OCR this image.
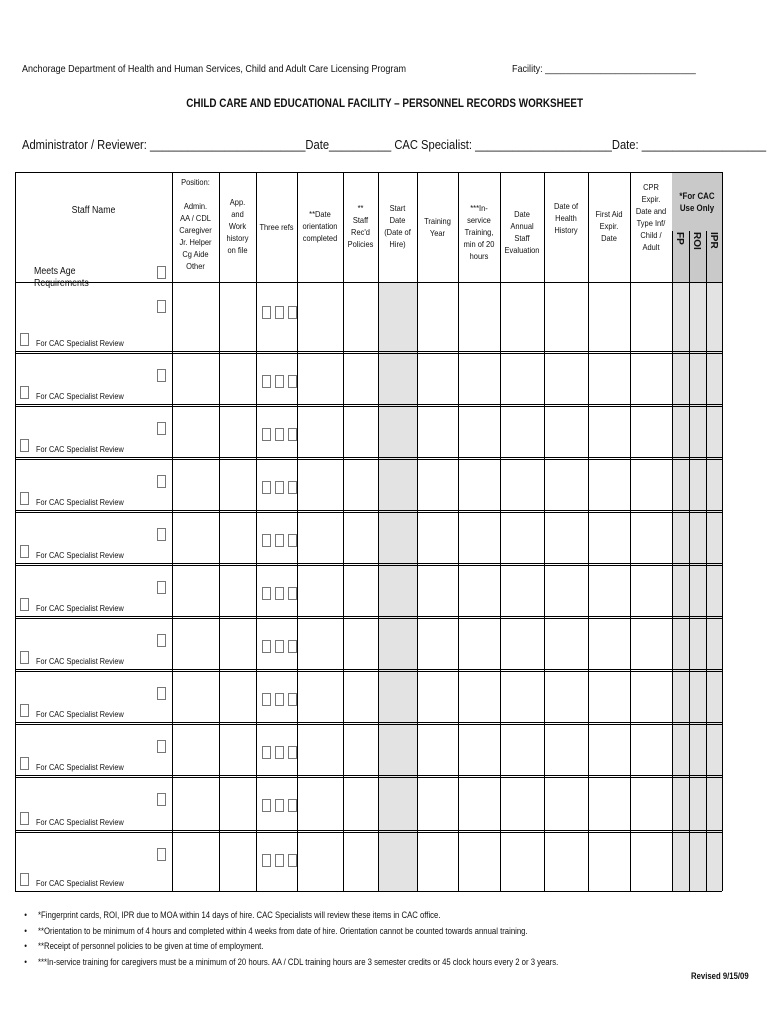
Anchorage Department of Health and Human Services, Child and Adult Care Licensing Program	Facility: ______________________________
CHILD CARE AND EDUCATIONAL FACILITY – PERSONNEL RECORDS WORKSHEET
Administrator / Reviewer: _________________________Date__________ CAC Specialist: ______________________Date: ____________________
Staff Name
Meets Age Requirements
Position:

Admin.
AA / CDL
Caregiver
Jr. Helper
Cg Aide
Other
App.
and
Work
history
on file
Three refs
**Date
orientation
completed
**
Staff
Rec'd
Policies
Start
Date
(Date of
Hire)
Training
Year
***In-
service
Training,
min of 20
hours
Date
Annual
Staff
Evaluation
Date of
Health
History
First Aid
Expir.
Date
CPR
Expir.
Date and
Type Inf/
Child /
Adult
*For CAC
Use Only
FP ROI IPR
For CAC Specialist Review
For CAC Specialist Review
For CAC Specialist Review
For CAC Specialist Review
For CAC Specialist Review
For CAC Specialist Review
For CAC Specialist Review
For CAC Specialist Review
For CAC Specialist Review
For CAC Specialist Review
For CAC Specialist Review
• *Fingerprint cards, ROI, IPR due to MOA within 14 days of hire. CAC Specialists will review these items in CAC office.
• **Orientation to be minimum of 4 hours and completed within 4 weeks from date of hire. Orientation cannot be counted towards annual training.
• **Receipt of personnel policies to be given at time of employment.
• ***In-service training for caregivers must be a minimum of 20 hours. AA / CDL training hours are 3 semester credits or 45 clock hours every 2 or 3 years.
Revised 9/15/09
